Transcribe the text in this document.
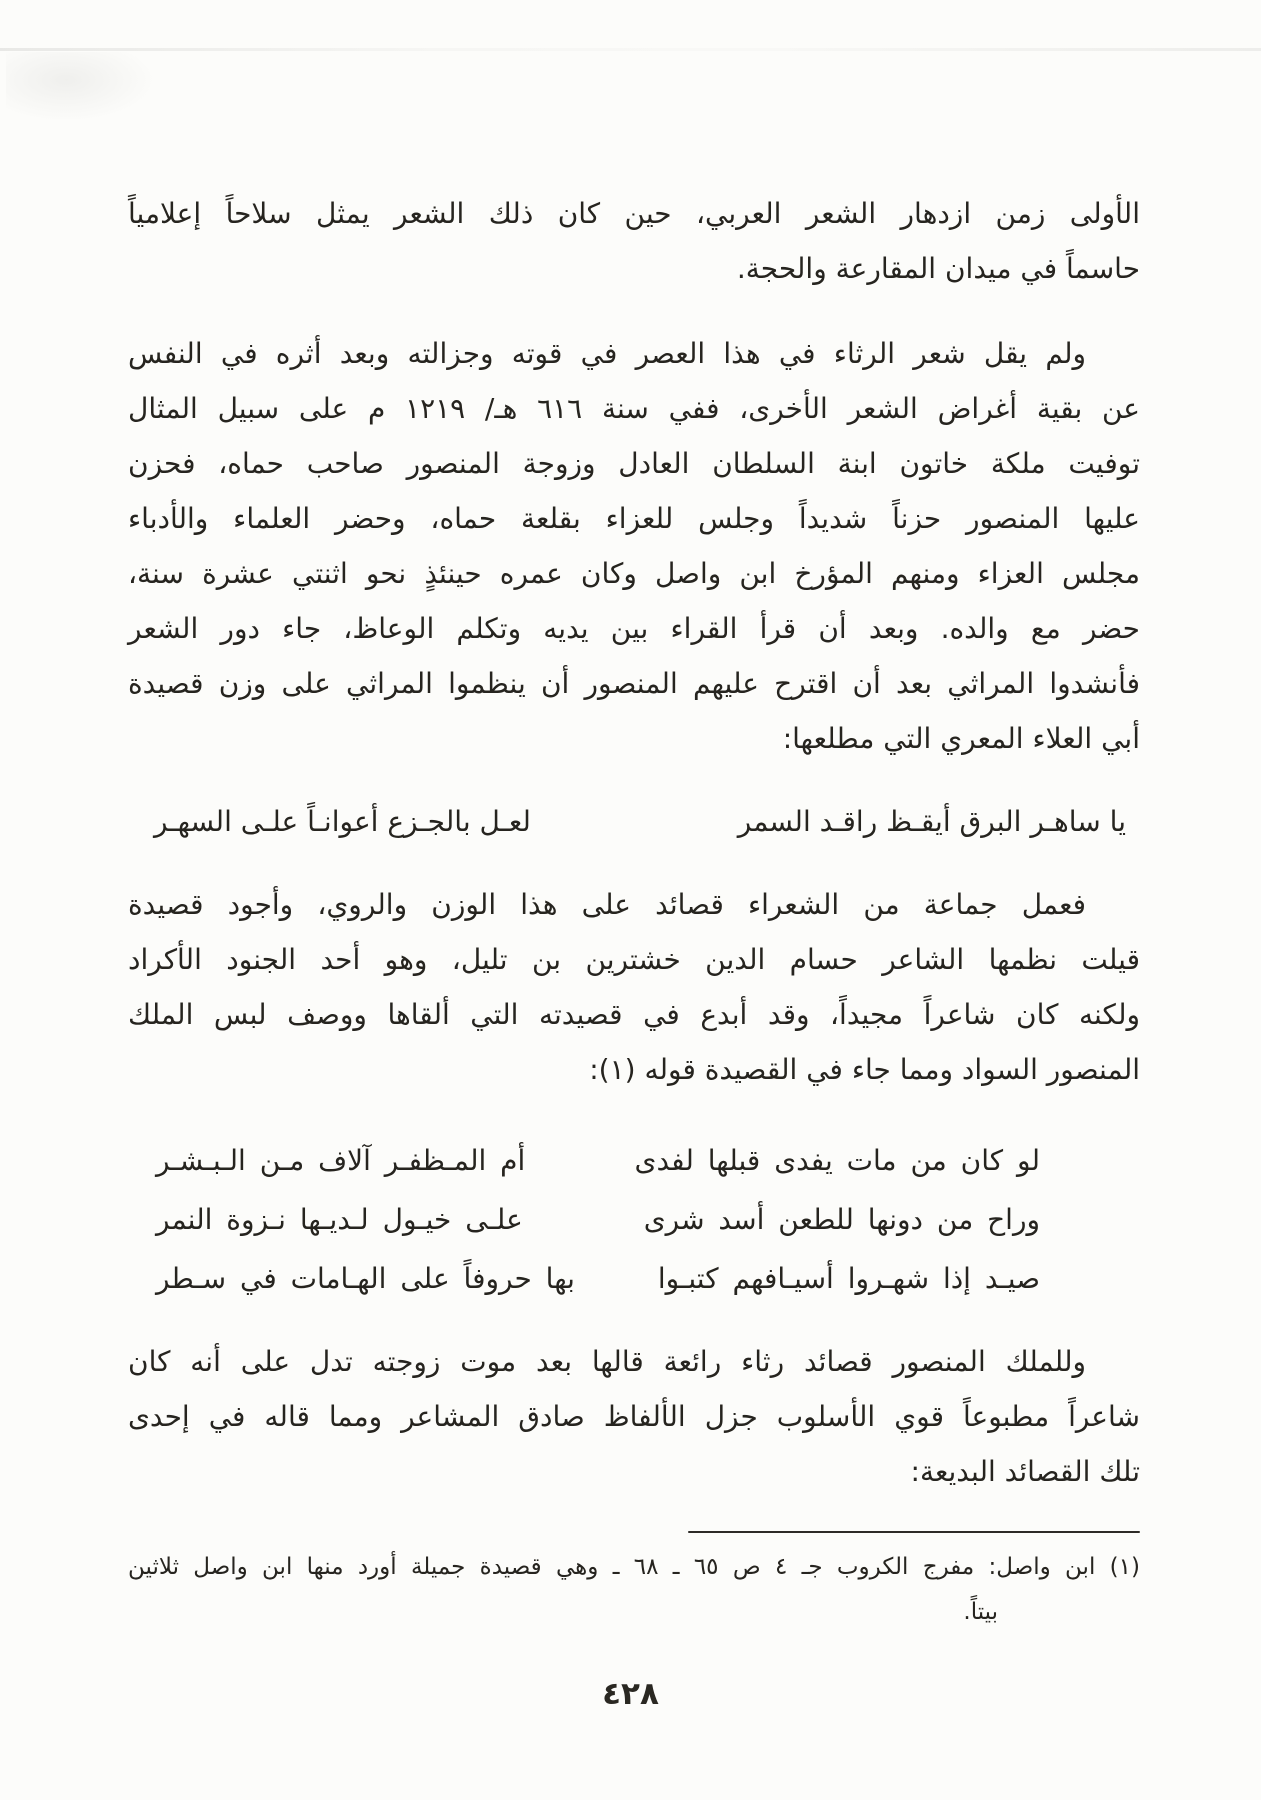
الأولى زمن ازدهار الشعر العربي، حين كان ذلك الشعر يمثل سلاحاً إعلامياً
حاسماً في ميدان المقارعة والحجة.
ولم يقل شعر الرثاء في هذا العصر في قوته وجزالته وبعد أثره في النفس
عن بقية أغراض الشعر الأخرى، ففي سنة ٦١٦ هـ/ ١٢١٩ م على سبيل المثال
توفيت ملكة خاتون ابنة السلطان العادل وزوجة المنصور صاحب حماه، فحزن
عليها المنصور حزناً شديداً وجلس للعزاء بقلعة حماه، وحضر العلماء والأدباء
مجلس العزاء ومنهم المؤرخ ابن واصل وكان عمره حينئذٍ نحو اثنتي عشرة سنة،
حضر مع والده. وبعد أن قرأ القراء بين يديه وتكلم الوعاظ، جاء دور الشعر
فأنشدوا المراثي بعد أن اقترح عليهم المنصور أن ينظموا المراثي على وزن قصيدة
أبي العلاء المعري التي مطلعها:
يا ساهـر البرق أيقـظ راقـد السمر
لعـل بالجـزع أعوانـاً علـى السهـر
فعمل جماعة من الشعراء قصائد على هذا الوزن والروي، وأجود قصيدة
قيلت نظمها الشاعر حسام الدين خشترين بن تليل، وهو أحد الجنود الأكراد
ولكنه كان شاعراً مجيداً، وقد أبدع في قصيدته التي ألقاها ووصف لبس الملك
المنصور السواد ومما جاء في القصيدة قوله (١):
لو كان من مات يفدى قبلها لفدى
أم المـظفـر آلاف مـن الـبـشـر
وراح من دونها للطعن أسد شرى
علـى خيـول لـديـها نـزوة النمر
صيـد إذا شهـروا أسيـافهم كتبـوا
بها حروفاً على الهـامات في سـطر
وللملك المنصور قصائد رثاء رائعة قالها بعد موت زوجته تدل على أنه كان
شاعراً مطبوعاً قوي الأسلوب جزل الألفاظ صادق المشاعر ومما قاله في إحدى
تلك القصائد البديعة:
(١) ابن واصل: مفرج الكروب جـ ٤ ص ٦٥ ـ ٦٨ ـ وهي قصيدة جميلة أورد منها ابن واصل ثلاثين
بيتاً.
٤٢٨
